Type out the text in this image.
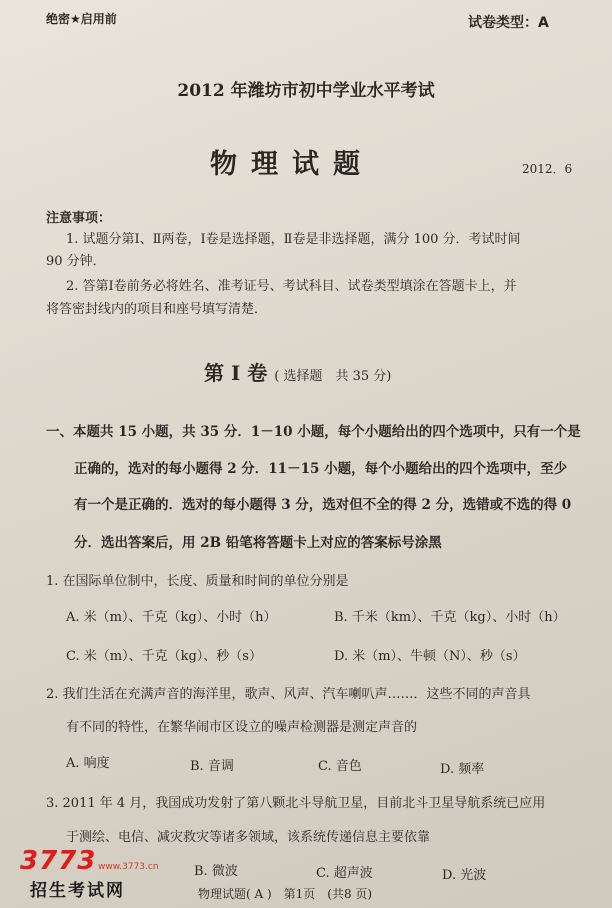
绝密★启用前	试卷类型：A
2012 年潍坊市初中学业水平考试
物理试题	2012．6
注意事项：
1. 试题分第Ⅰ、Ⅱ两卷，Ⅰ卷是选择题，Ⅱ卷是非选择题，满分 100 分．考试时间
90 分钟．
2. 答第Ⅰ卷前务必将姓名、准考证号、考试科目、试卷类型填涂在答题卡上，并
将答密封线内的项目和座号填写清楚．
第 Ⅰ 卷 ( 选择题　共 35 分)
一、本题共 15 小题，共 35 分．1－10 小题，每个小题给出的四个选项中，只有一个是
正确的，选对的每小题得 2 分．11－15 小题，每个小题给出的四个选项中，至少
有一个是正确的．选对的每小题得 3 分，选对但不全的得 2 分，选错或不选的得 0
分．选出答案后，用 2B 铅笔将答题卡上对应的答案标号涂黑
1. 在国际单位制中，长度、质量和时间的单位分别是
A. 米（m）、千克（kg）、小时（h）	B. 千米（km）、千克（kg）、小时（h）
C. 米（m）、千克（kg）、秒（s）	D. 米（m）、牛顿（N）、秒（s）
2. 我们生活在充满声音的海洋里，歌声、风声、汽车喇叭声……．这些不同的声音具
有不同的特性，在繁华闹市区设立的噪声检测器是测定声音的
A. 响度	B. 音调	C. 音色	D. 频率
3. 2011 年 4 月，我国成功发射了第八颗北斗导航卫星，目前北斗卫星导航系统已应用
于测绘、电信、减灾救灾等诸多领域，该系统传递信息主要依靠
B. 微波	C. 超声波	D. 光波
物理试题( A )　第1页　(共8 页)
3773 www.3773.cn
招生考试网
